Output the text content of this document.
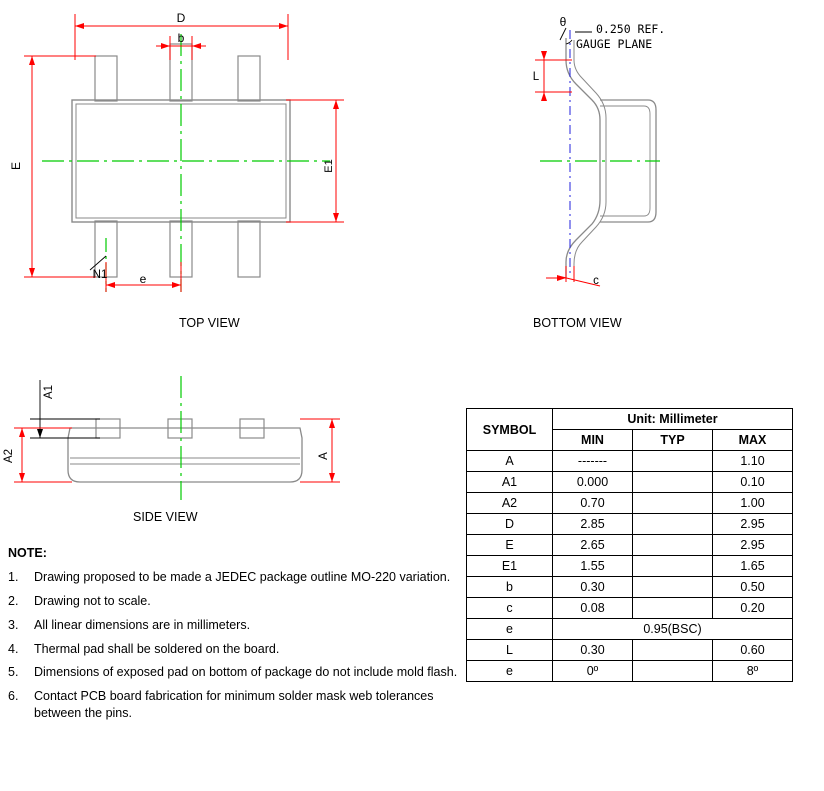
D
b
E	E1
N1	e
θ	0.250 REF.
GAUGE PLANE
L
c
A1
A2	A
TOP VIEW	BOTTOM VIEW
SIDE VIEW
NOTE:
1.	Drawing proposed to be made a JEDEC package outline MO-220 variation.
2.	Drawing not to scale.
3.	All linear dimensions are in millimeters.
4.	Thermal pad shall be soldered on the board.
5.	Dimensions of exposed pad on bottom of package do not include mold flash.
6.	Contact PCB board fabrication for minimum solder mask web tolerances between the pins.
SYMBOL	Unit: Millimeter		
	MIN	TYP	MAX
A	-------		1.10
A1	0.000		0.10
A2	0.70		1.00
D	2.85		2.95
E	2.65		2.95
E1	1.55		1.65
b	0.30		0.50
c	0.08		0.20
e	0.95(BSC)		
L	0.30		0.60
e	0º		8º
